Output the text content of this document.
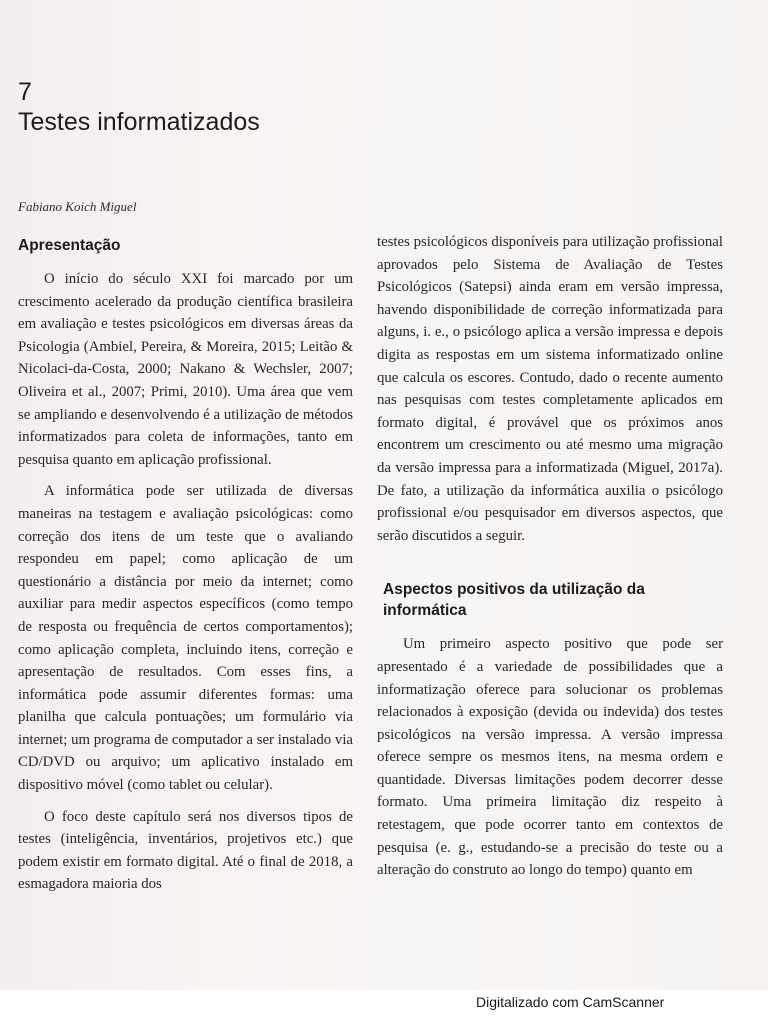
7
Testes informatizados
Fabiano Koich Miguel
Apresentação

O início do século XXI foi marcado por um crescimento acelerado da produção científica brasileira em avaliação e testes psicológicos em diversas áreas da Psicologia (Ambiel, Pereira, & Moreira, 2015; Leitão & Nicolaci-da-Costa, 2000; Nakano & Wechsler, 2007; Oliveira et al., 2007; Primi, 2010). Uma área que vem se ampliando e desenvolvendo é a utilização de métodos informatizados para coleta de informações, tanto em pesquisa quanto em aplicação profissional.

A informática pode ser utilizada de diversas maneiras na testagem e avaliação psicológicas: como correção dos itens de um teste que o avaliando respondeu em papel; como aplicação de um questionário a distância por meio da internet; como auxiliar para medir aspectos específicos (como tempo de resposta ou frequência de certos comportamentos); como aplicação completa, incluindo itens, correção e apresentação de resultados. Com esses fins, a informática pode assumir diferentes formas: uma planilha que calcula pontuações; um formulário via internet; um programa de computador a ser instalado via CD/DVD ou arquivo; um aplicativo instalado em dispositivo móvel (como tablet ou celular).

O foco deste capítulo será nos diversos tipos de testes (inteligência, inventários, projetivos etc.) que podem existir em formato digital. Até o final de 2018, a esmagadora maioria dos

testes psicológicos disponíveis para utilização profissional aprovados pelo Sistema de Avaliação de Testes Psicológicos (Satepsi) ainda eram em versão impressa, havendo disponibilidade de correção informatizada para alguns, i. e., o psicólogo aplica a versão impressa e depois digita as respostas em um sistema informatizado online que calcula os escores. Contudo, dado o recente aumento nas pesquisas com testes completamente aplicados em formato digital, é provável que os próximos anos encontrem um crescimento ou até mesmo uma migração da versão impressa para a informatizada (Miguel, 2017a). De fato, a utilização da informática auxilia o psicólogo profissional e/ou pesquisador em diversos aspectos, que serão discutidos a seguir.

Aspectos positivos da utilização da informática

Um primeiro aspecto positivo que pode ser apresentado é a variedade de possibilidades que a informatização oferece para solucionar os problemas relacionados à exposição (devida ou indevida) dos testes psicológicos na versão impressa. A versão impressa oferece sempre os mesmos itens, na mesma ordem e quantidade. Diversas limitações podem decorrer desse formato. Uma primeira limitação diz respeito à retestagem, que pode ocorrer tanto em contextos de pesquisa (e. g., estudando-se a precisão do teste ou a alteração do construto ao longo do tempo) quanto em

Digitalizado com CamScanner
